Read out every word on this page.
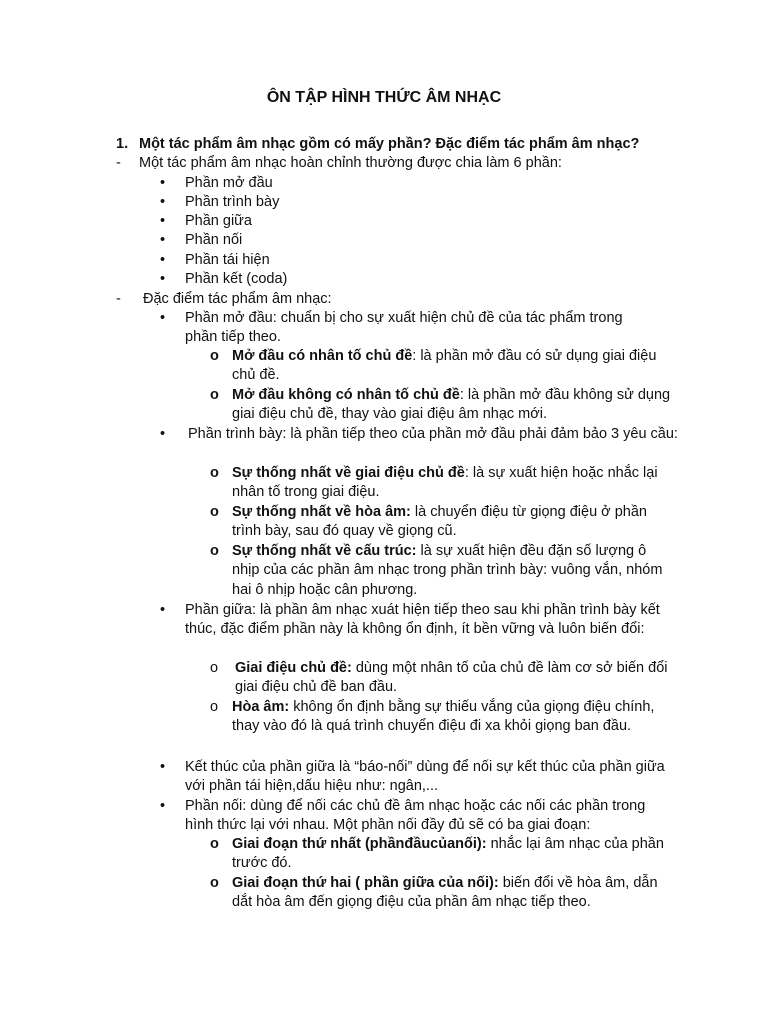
ÔN TẬP HÌNH THỨC ÂM NHẠC
1. Một tác phẩm âm nhạc gồm có mấy phần? Đặc điểm tác phẩm âm nhạc?
- Một tác phẩm âm nhạc hoàn chỉnh thường được chia làm 6 phần:
• Phần mở đầu
• Phần trình bày
• Phần giữa
• Phần nối
• Phần tái hiện
• Phần kết (coda)
- Đặc điểm tác phẩm âm nhạc:
• Phần mở đầu: chuẩn bị cho sự xuất hiện chủ đề của tác phẩm trong phần tiếp theo.
o Mở đầu có nhân tố chủ đề: là phần mở đầu có sử dụng giai điệu chủ đề.
o Mở đầu không có nhân tố chủ đề: là phần mở đầu không sử dụng giai điệu chủ đề, thay vào giai điệu âm nhạc mới.
• Phần trình bày: là phần tiếp theo của phần mở đầu phải đảm bảo 3 yêu cầu:
o Sự thống nhất về giai điệu chủ đề: là sự xuất hiện hoặc nhắc lại nhân tố trong giai điệu.
o Sự thống nhất về hòa âm: là chuyển điệu từ giọng điệu ở phần trình bày, sau đó quay về giọng cũ.
o Sự thống nhất về cấu trúc: là sự xuất hiện đều đặn số lượng ô nhịp của các phần âm nhạc trong phần trình bày: vuông vắn, nhóm hai ô nhịp hoặc cân phương.
• Phần giữa: là phần âm nhạc xuát hiện tiếp theo sau khi phần trình bày kết thúc, đặc điểm phần này là không ổn định, ít bền vững và luôn biến đổi:
o Giai điệu chủ đề: dùng một nhân tố của chủ đề làm cơ sở biến đổi giai điệu chủ đề ban đầu.
o Hòa âm: không ổn định bằng sự thiếu vắng của giọng điệu chính, thay vào đó là quá trình chuyển điệu đi xa khỏi giọng ban đầu.
• Kết thúc của phần giữa là “báo-nối” dùng để nối sự kết thúc của phần giữa với phần tái hiện,dấu hiệu như: ngân,...
• Phần nối: dùng để nối các chủ đề âm nhạc hoặc các nối các phần trong hình thức lại với nhau. Một phần nối đầy đủ sẽ có ba giai đoạn:
o Giai đoạn thứ nhất (phầnđầucủanối): nhắc lại âm nhạc của phần trước đó.
o Giai đoạn thứ hai ( phần giữa của nối): biến đổi về hòa âm, dẫn dắt hòa âm đến giọng điệu của phần âm nhạc tiếp theo.
